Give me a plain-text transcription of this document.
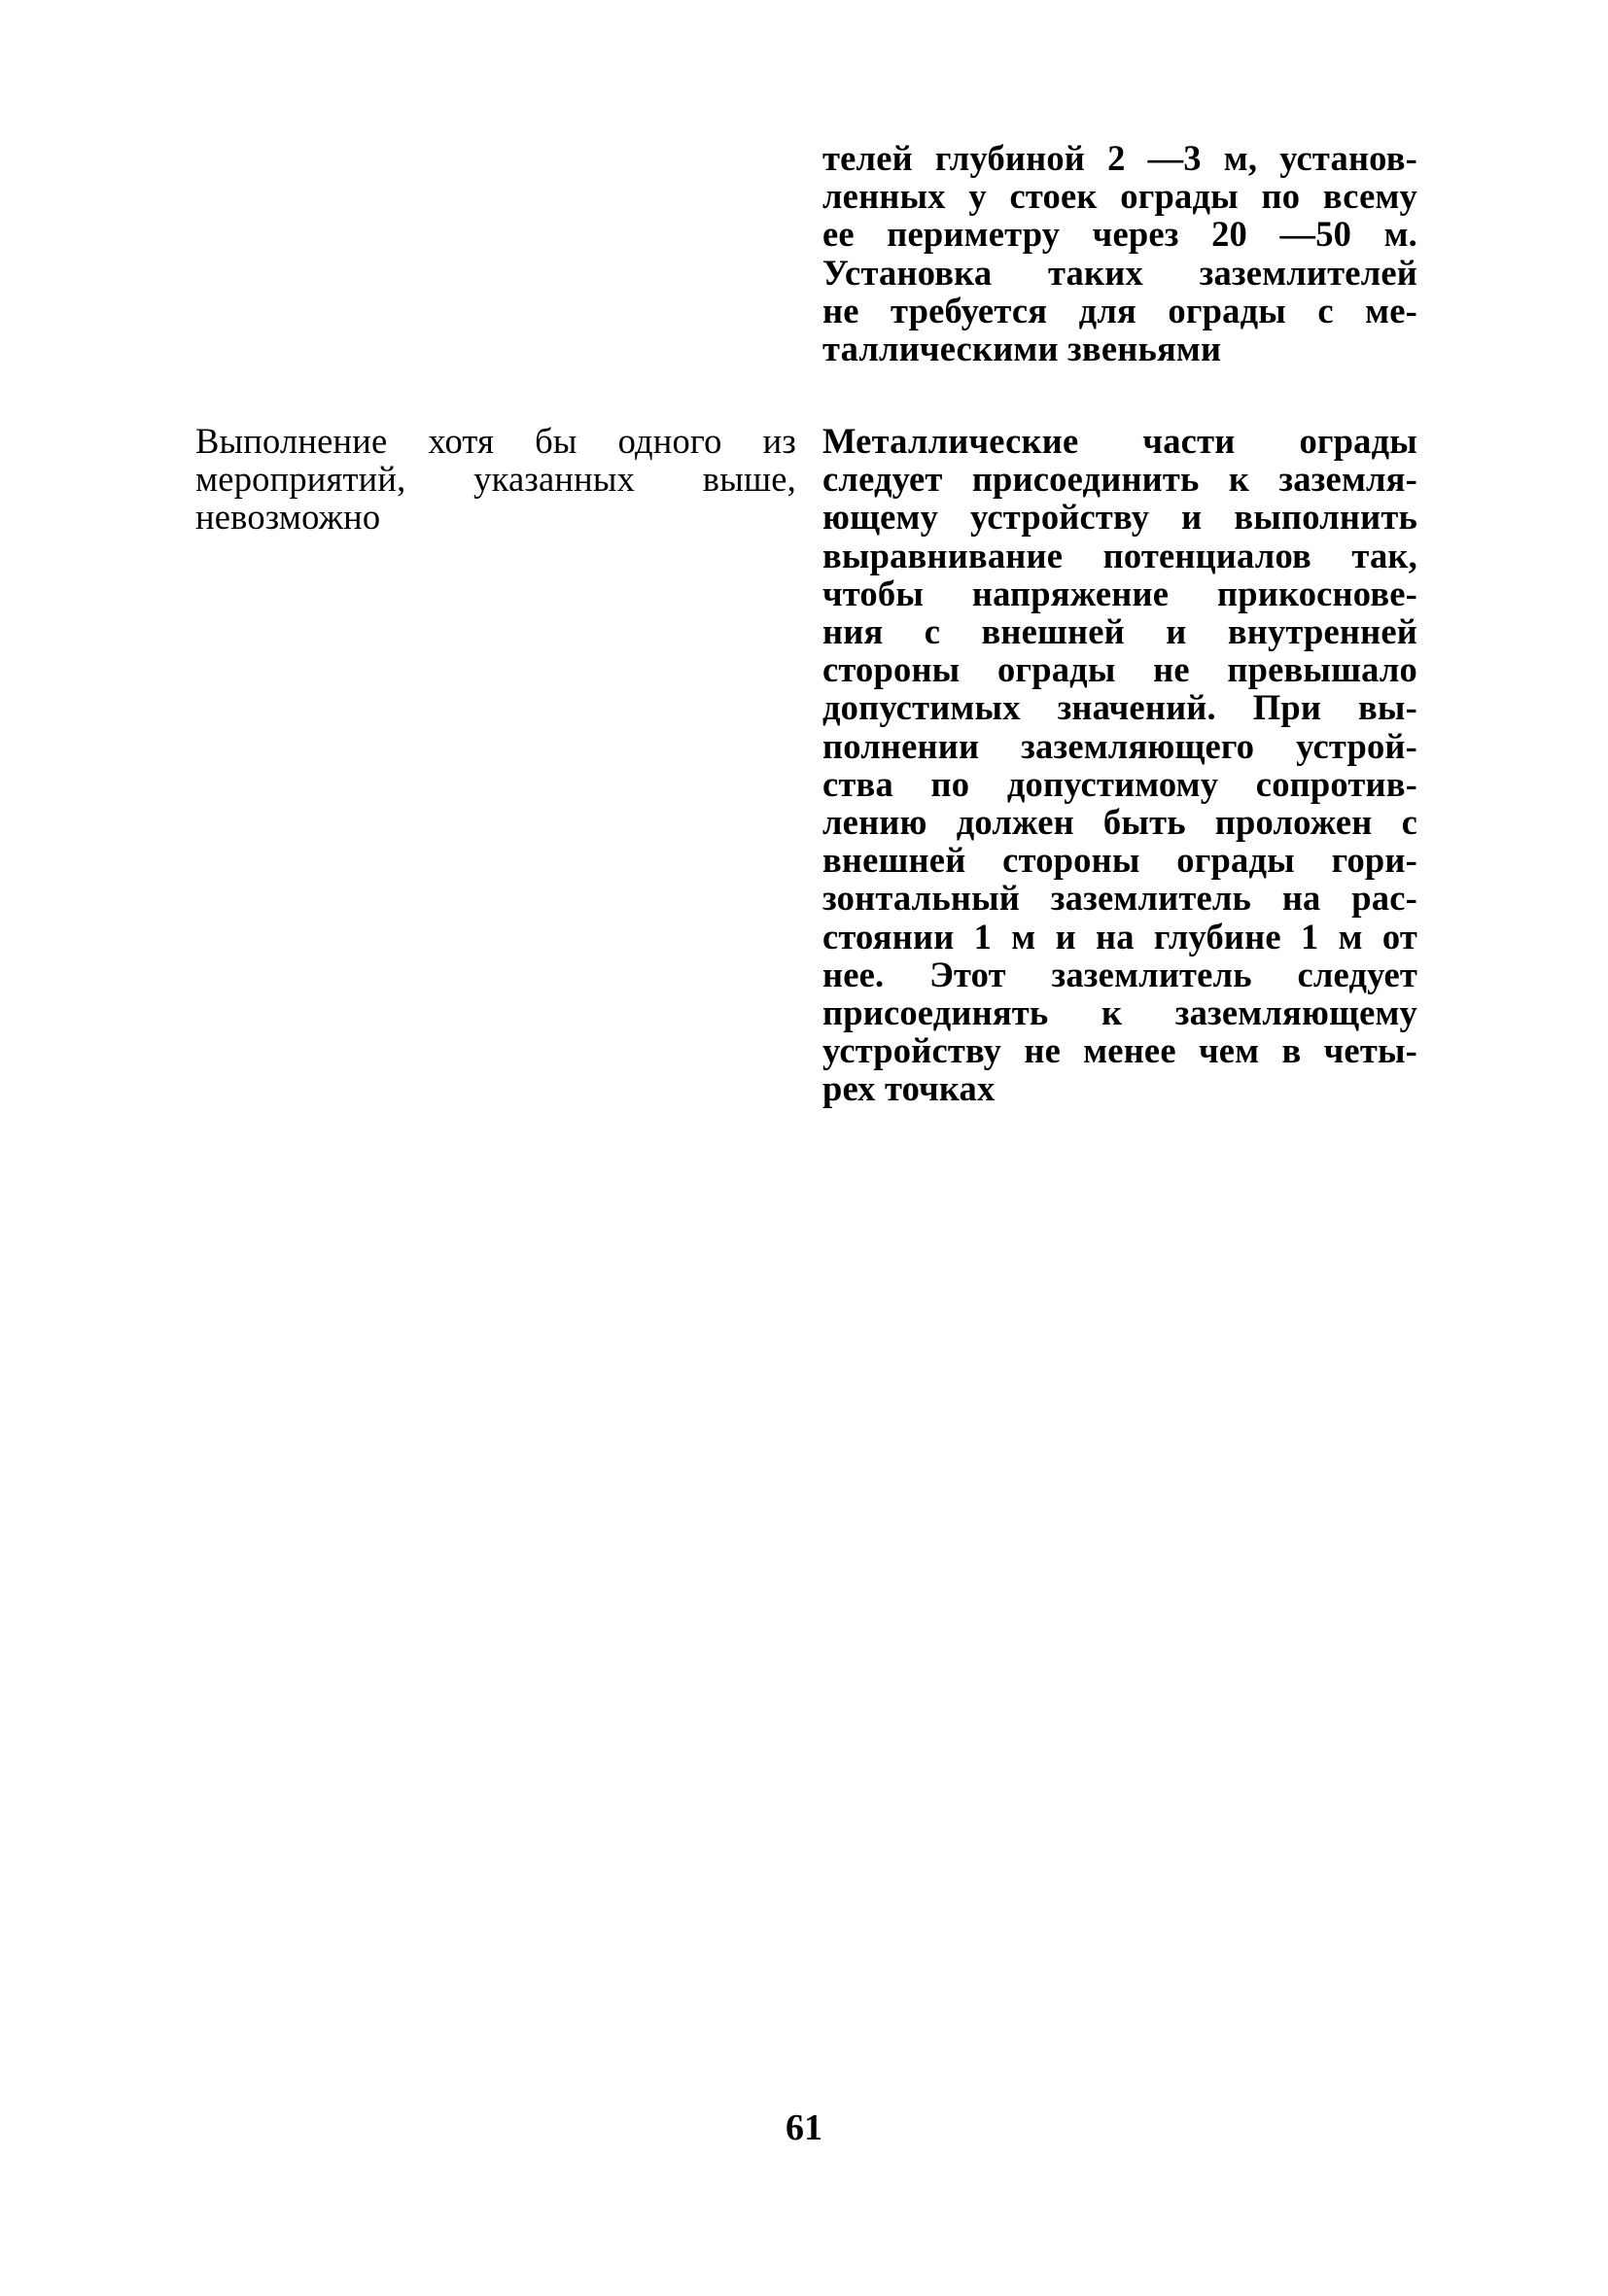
телей глубиной 2 —3 м, установ-
ленных у стоек ограды по всему
ее периметру через 20 —50 м.
Установка таких заземлителей
не требуется для ограды с ме-
таллическими звеньями
Выполнение хотя бы одного из
мероприятий, указанных выше,
невозможно
Металлические части ограды
следует присоединить к заземля-
ющему устройству и выполнить
выравнивание потенциалов так,
чтобы напряжение прикоснове-
ния с внешней и внутренней
стороны ограды не превышало
допустимых значений. При вы-
полнении заземляющего устрой-
ства по допустимому сопротив-
лению должен быть проложен с
внешней стороны ограды гори-
зонтальный заземлитель на рас-
стоянии 1 м и на глубине 1 м от
нее. Этот заземлитель следует
присоединять к заземляющему
устройству не менее чем в четы-
рех точках
61
